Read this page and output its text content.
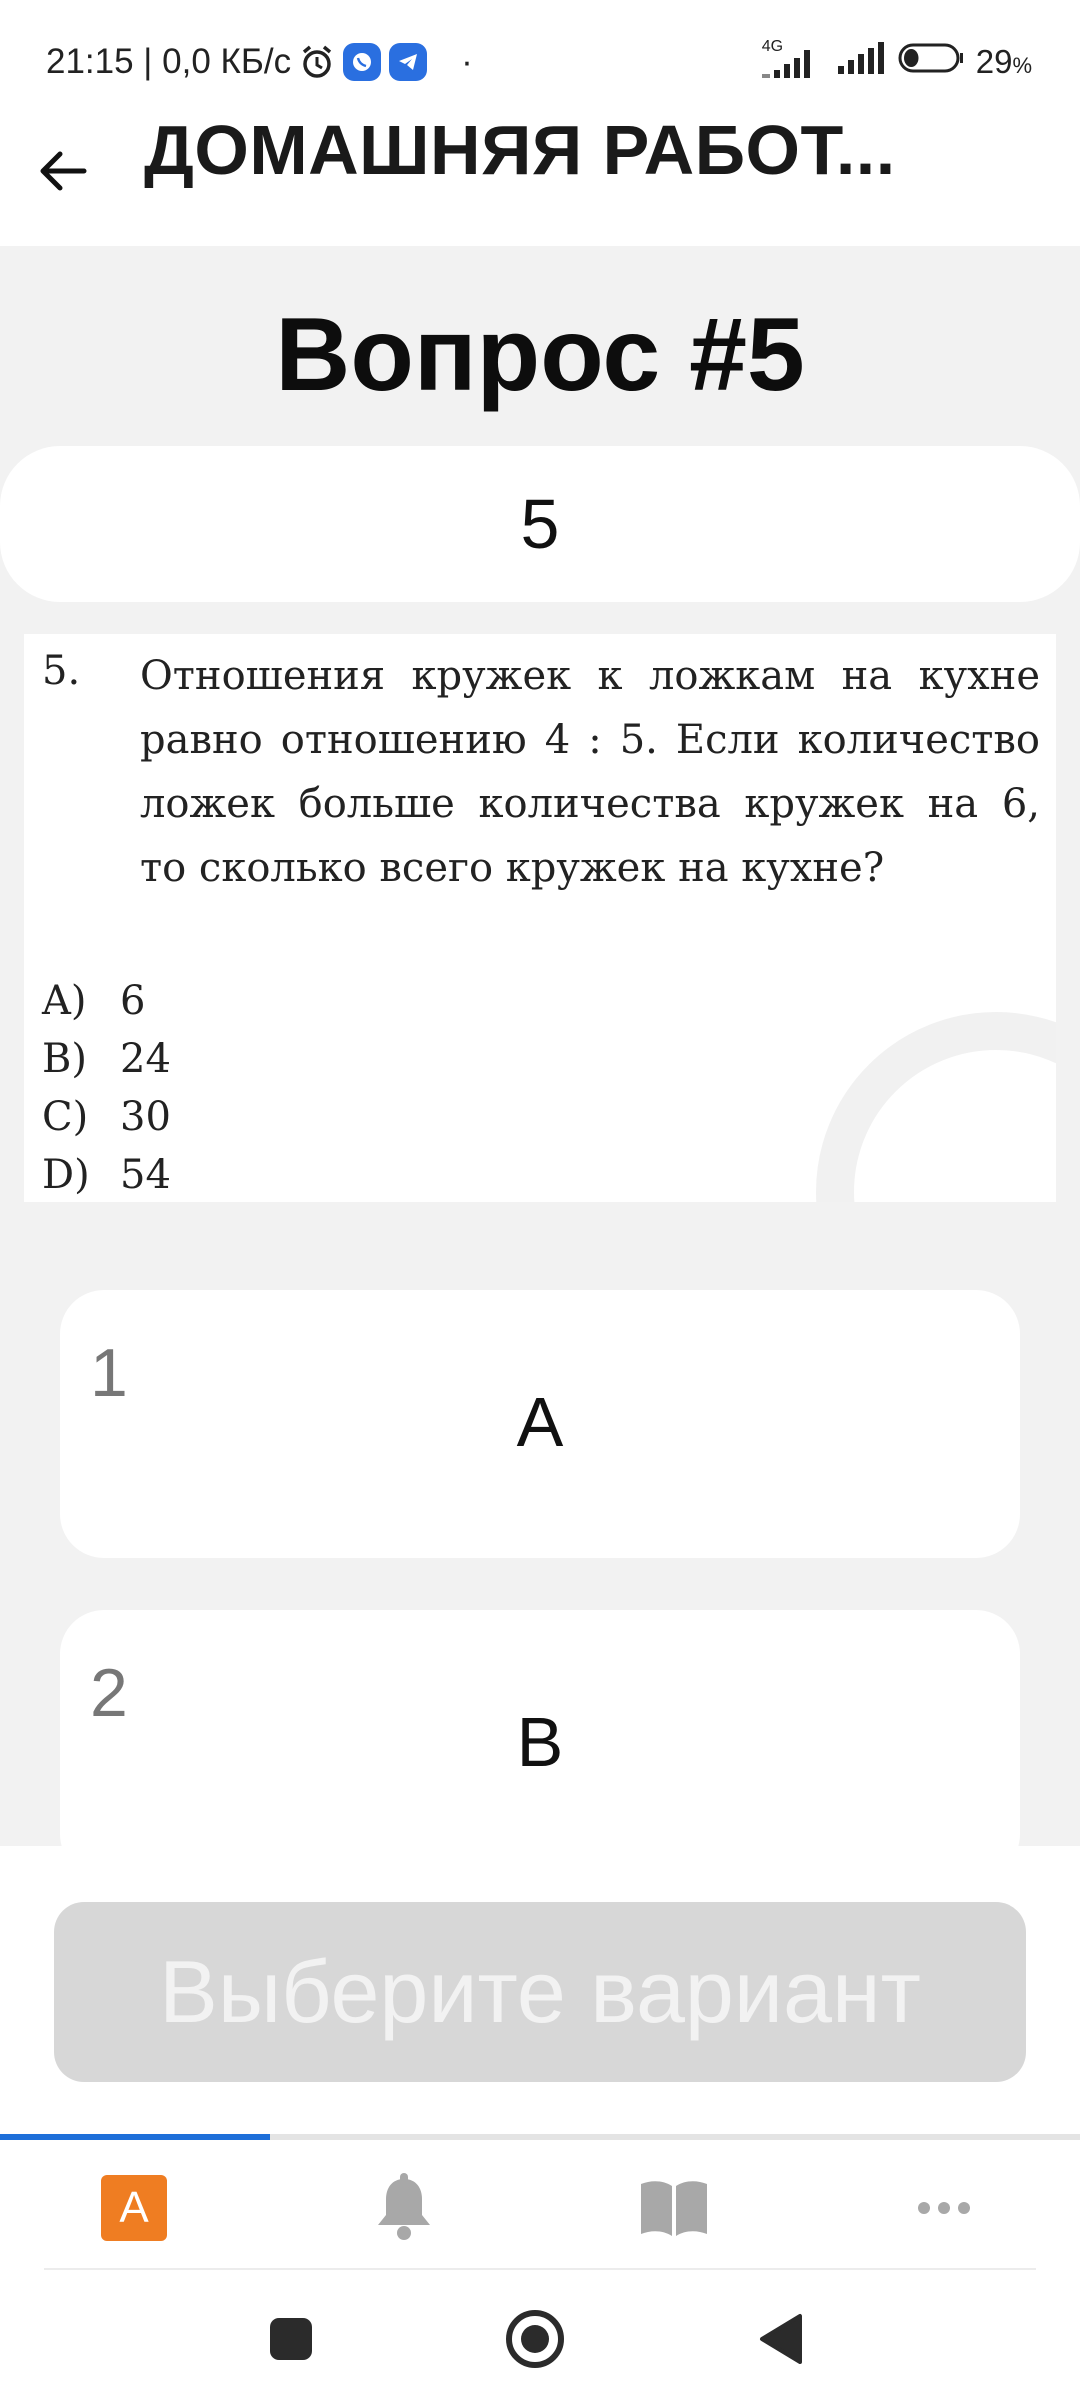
21:15 | 0,0 КБ/с	·	4G	29%
ДОМАШНЯЯ РАБОТ...
Вопрос #5
5
5. Отношения кружек к ложкам на кухне равно отношению 4 : 5. Если количество ложек больше количества кружек на 6, то сколько всего кружек на кухне?
A) 6
B) 24
C) 30
D) 54
1
A
2
B
Выберите вариант
A
